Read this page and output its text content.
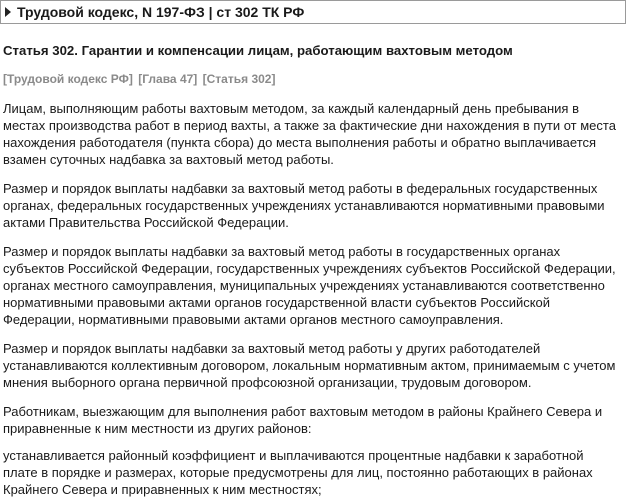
Трудовой кодекс, N 197-ФЗ | ст 302 ТК РФ
Статья 302. Гарантии и компенсации лицам, работающим вахтовым методом
[Трудовой кодекс РФ] [Глава 47] [Статья 302]

Лицам, выполняющим работы вахтовым методом, за каждый календарный день пребывания в местах производства работ в период вахты, а также за фактические дни нахождения в пути от места нахождения работодателя (пункта сбора) до места выполнения работы и обратно выплачивается взамен суточных надбавка за вахтовый метод работы.

Размер и порядок выплаты надбавки за вахтовый метод работы в федеральных государственных органах, федеральных государственных учреждениях устанавливаются нормативными правовыми актами Правительства Российской Федерации.

Размер и порядок выплаты надбавки за вахтовый метод работы в государственных органах субъектов Российской Федерации, государственных учреждениях субъектов Российской Федерации, органах местного самоуправления, муниципальных учреждениях устанавливаются соответственно нормативными правовыми актами органов государственной власти субъектов Российской Федерации, нормативными правовыми актами органов местного самоуправления.

Размер и порядок выплаты надбавки за вахтовый метод работы у других работодателей устанавливаются коллективным договором, локальным нормативным актом, принимаемым с учетом мнения выборного органа первичной профсоюзной организации, трудовым договором.

Работникам, выезжающим для выполнения работ вахтовым методом в районы Крайнего Севера и приравненные к ним местности из других районов:

устанавливается районный коэффициент и выплачиваются процентные надбавки к заработной плате в порядке и размерах, которые предусмотрены для лиц, постоянно работающих в районах Крайнего Севера и приравненных к ним местностях;
